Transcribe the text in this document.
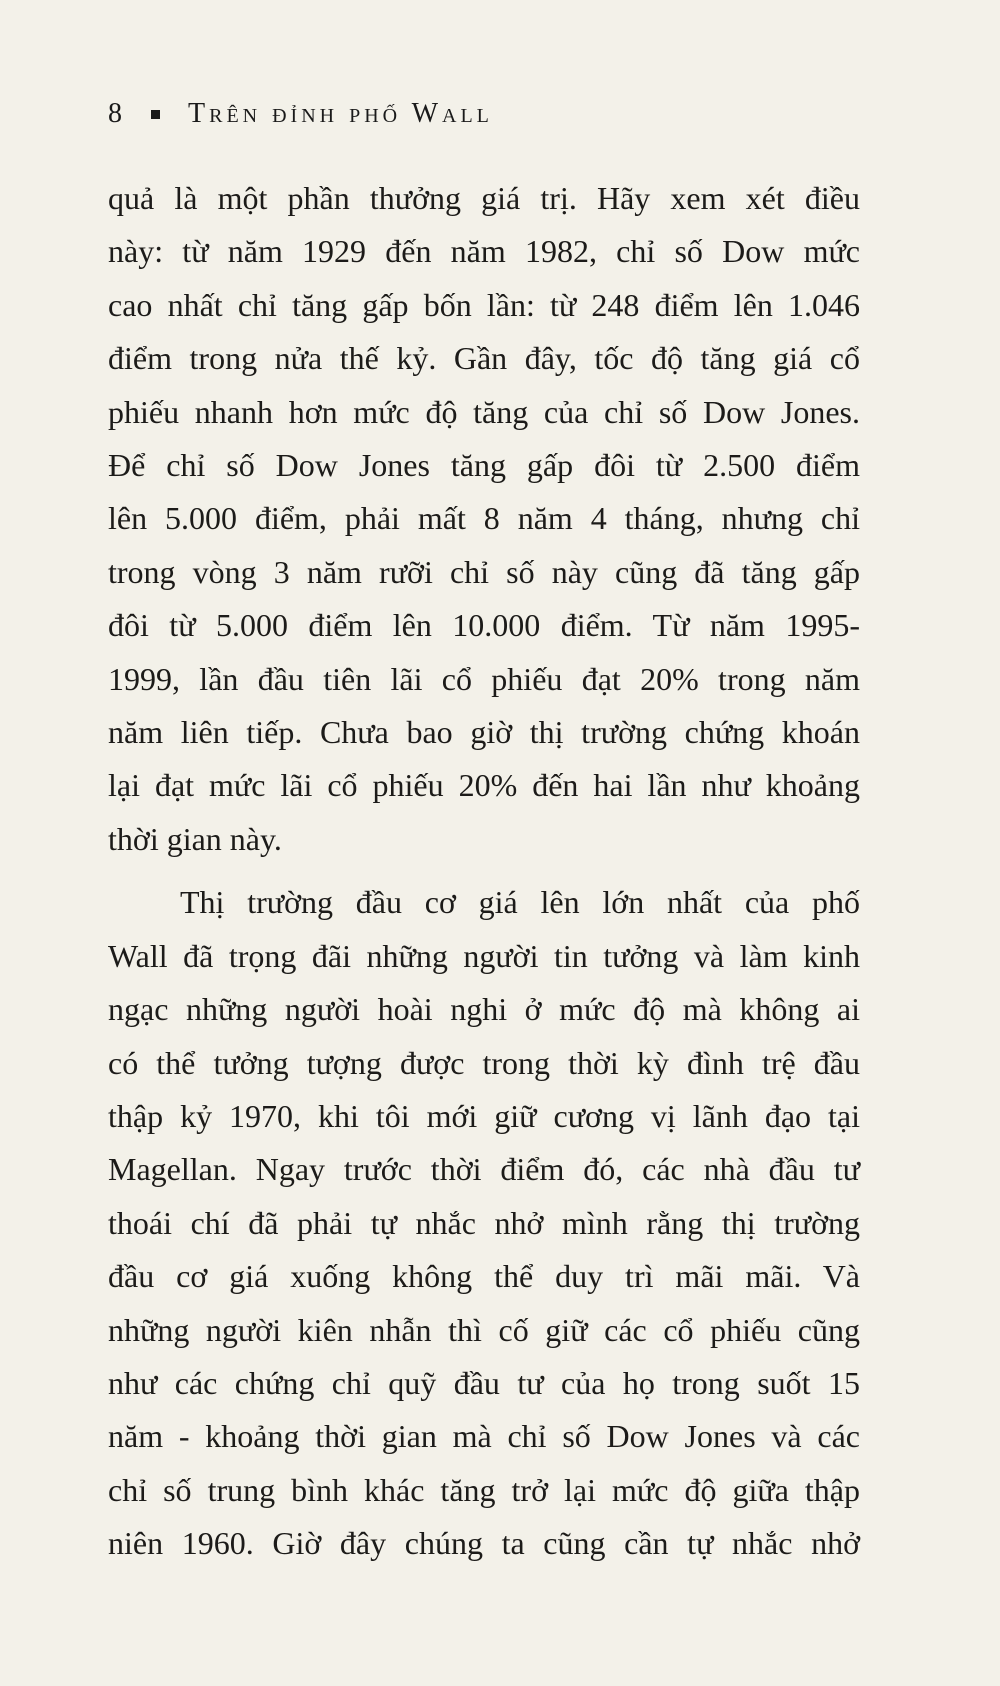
8 Trên đỉnh phố Wall

quả là một phần thưởng giá trị. Hãy xem xét điều
này: từ năm 1929 đến năm 1982, chỉ số Dow mức
cao nhất chỉ tăng gấp bốn lần: từ 248 điểm lên 1.046
điểm trong nửa thế kỷ. Gần đây, tốc độ tăng giá cổ
phiếu nhanh hơn mức độ tăng của chỉ số Dow Jones.
Để chỉ số Dow Jones tăng gấp đôi từ 2.500 điểm
lên 5.000 điểm, phải mất 8 năm 4 tháng, nhưng chỉ
trong vòng 3 năm rưỡi chỉ số này cũng đã tăng gấp
đôi từ 5.000 điểm lên 10.000 điểm. Từ năm 1995-
1999, lần đầu tiên lãi cổ phiếu đạt 20% trong năm
năm liên tiếp. Chưa bao giờ thị trường chứng khoán
lại đạt mức lãi cổ phiếu 20% đến hai lần như khoảng
thời gian này.

Thị trường đầu cơ giá lên lớn nhất của phố
Wall đã trọng đãi những người tin tưởng và làm kinh
ngạc những người hoài nghi ở mức độ mà không ai
có thể tưởng tượng được trong thời kỳ đình trệ đầu
thập kỷ 1970, khi tôi mới giữ cương vị lãnh đạo tại
Magellan. Ngay trước thời điểm đó, các nhà đầu tư
thoái chí đã phải tự nhắc nhở mình rằng thị trường
đầu cơ giá xuống không thể duy trì mãi mãi. Và
những người kiên nhẫn thì cố giữ các cổ phiếu cũng
như các chứng chỉ quỹ đầu tư của họ trong suốt 15
năm - khoảng thời gian mà chỉ số Dow Jones và các
chỉ số trung bình khác tăng trở lại mức độ giữa thập
niên 1960. Giờ đây chúng ta cũng cần tự nhắc nhở
